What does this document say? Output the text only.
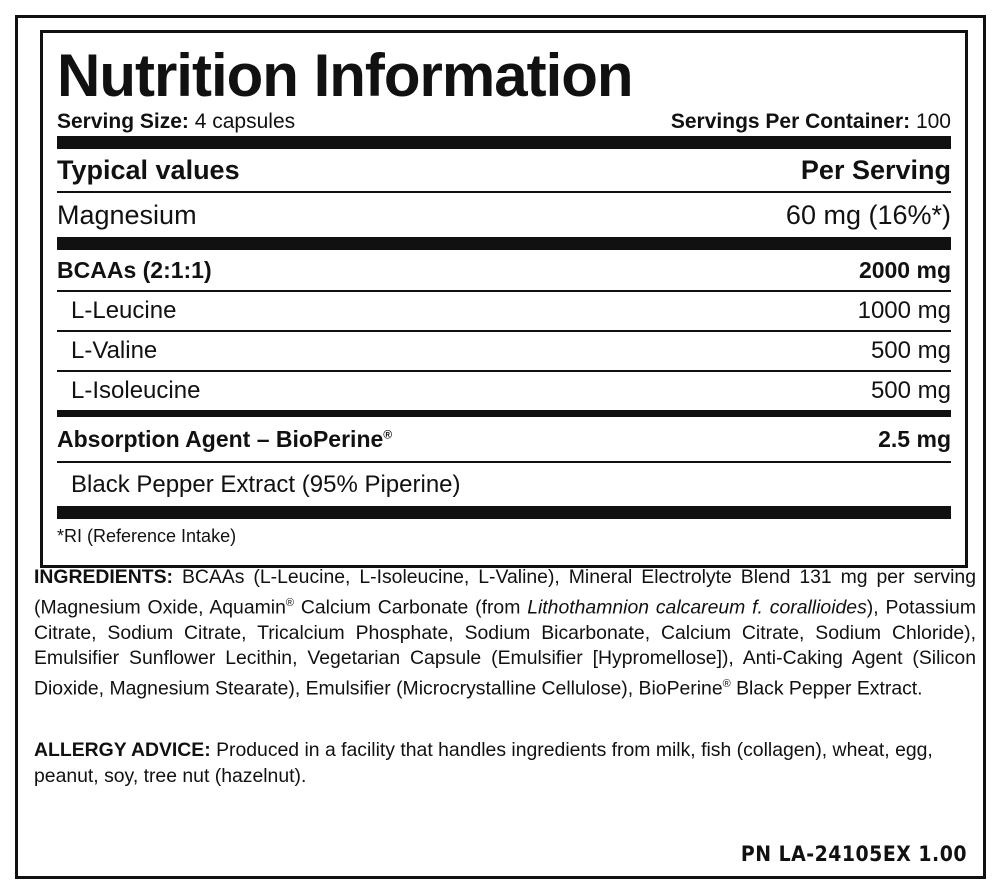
Nutrition Information
Serving Size: 4 capsules	Servings Per Container: 100
Typical values	Per Serving
Magnesium	60 mg (16%*)
BCAAs (2:1:1)	2000 mg
L-Leucine	1000 mg
L-Valine	500 mg
L-Isoleucine	500 mg
Absorption Agent – BioPerine®	2.5 mg
Black Pepper Extract (95% Piperine)
*RI (Reference Intake)
INGREDIENTS: BCAAs (L-Leucine, L-Isoleucine, L-Valine), Mineral Electrolyte Blend 131 mg per serving (Magnesium Oxide, Aquamin® Calcium Carbonate (from Lithothamnion calcareum f. corallioides), Potassium Citrate, Sodium Citrate, Tricalcium Phosphate, Sodium Bicarbonate, Calcium Citrate, Sodium Chloride), Emulsifier Sunflower Lecithin, Vegetarian Capsule (Emulsifier [Hypromellose]), Anti-Caking Agent (Silicon Dioxide, Magnesium Stearate), Emulsifier (Microcrystalline Cellulose), BioPerine® Black Pepper Extract.
ALLERGY ADVICE: Produced in a facility that handles ingredients from milk, fish (collagen), wheat, egg, peanut, soy, tree nut (hazelnut).
PN LA-24105EX 1.00
